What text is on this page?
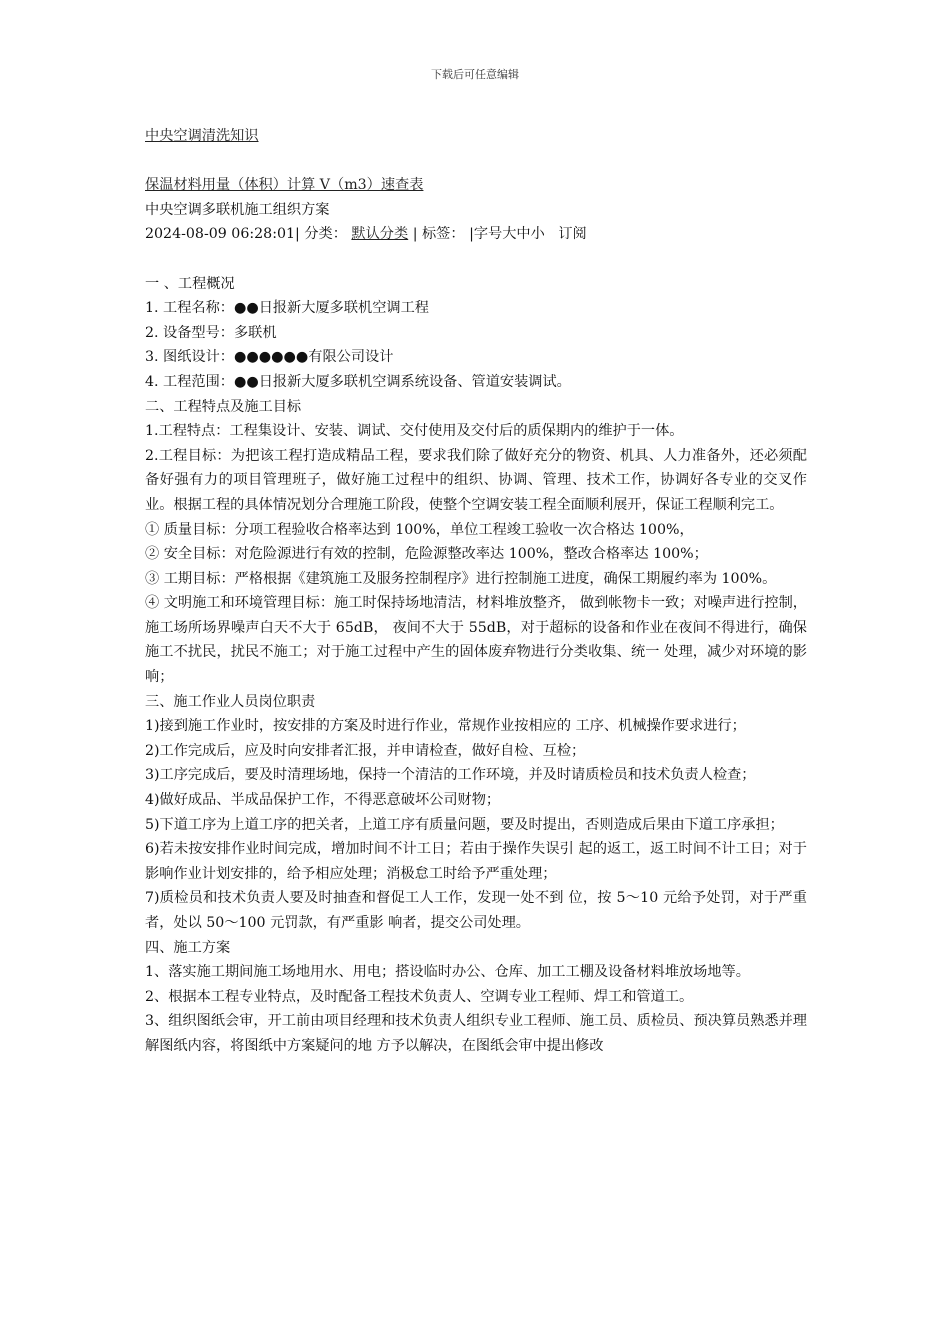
下载后可任意编辑

中央空调清洗知识

保温材料用量（体积）计算 V（m3）速查表

中央空调多联机施工组织方案

2024-08-09 06:28:01| 分类： 默认分类 | 标签： |字号大中小 订阅

一 、工程概况

1. 工程名称：●●日报新大厦多联机空调工程

2. 设备型号：多联机

3. 图纸设计：●●●●●●有限公司设计

4. 工程范围：●●日报新大厦多联机空调系统设备、管道安装调试。

二、工程特点及施工目标

1.工程特点：工程集设计、安装、调试、交付使用及交付后的质保期内的维护于一体。

2.工程目标：为把该工程打造成精品工程，要求我们除了做好充分的物资、机具、人力准备外，还必须配备好强有力的项目管理班子，做好施工过程中的组织、协调、管理、技术工作，协调好各专业的交叉作业。根据工程的具体情况划分合理施工阶段，使整个空调安装工程全面顺利展开，保证工程顺利完工。

① 质量目标：分项工程验收合格率达到 100%，单位工程竣工验收一次合格达 100%，

② 安全目标：对危险源进行有效的控制，危险源整改率达 100%，整改合格率达 100%；

③ 工期目标：严格根据《建筑施工及服务控制程序》进行控制施工进度，确保工期履约率为 100%。

④ 文明施工和环境管理目标：施工时保持场地清洁，材料堆放整齐， 做到帐物卡一致；对噪声进行控制，施工场所场界噪声白天不大于 65dB， 夜间不大于 55dB，对于超标的设备和作业在夜间不得进行，确保施工不扰民，扰民不施工；对于施工过程中产生的固体废弃物进行分类收集、统一 处理，减少对环境的影响；

三、施工作业人员岗位职责

1)接到施工作业时，按安排的方案及时进行作业，常规作业按相应的 工序、机械操作要求进行；

2)工作完成后，应及时向安排者汇报，并申请检查，做好自检、互检；

3)工序完成后，要及时清理场地，保持一个清洁的工作环境，并及时请质检员和技术负责人检查；

4)做好成品、半成品保护工作，不得恶意破坏公司财物；

5)下道工序为上道工序的把关者，上道工序有质量问题，要及时提出，否则造成后果由下道工序承担；

6)若未按安排作业时间完成，增加时间不计工日；若由于操作失误引 起的返工，返工时间不计工日；对于影响作业计划安排的，给予相应处理；消极怠工时给予严重处理；

7)质检员和技术负责人要及时抽查和督促工人工作，发现一处不到 位，按 5～10 元给予处罚，对于严重者，处以 50～100 元罚款，有严重影 响者，提交公司处理。

四、施工方案

1、落实施工期间施工场地用水、用电；搭设临时办公、仓库、加工工棚及设备材料堆放场地等。

2、根据本工程专业特点，及时配备工程技术负责人、空调专业工程师、焊工和管道工。

3、组织图纸会审，开工前由项目经理和技术负责人组织专业工程师、施工员、质检员、预决算员熟悉并理解图纸内容，将图纸中方案疑问的地 方予以解决，在图纸会审中提出修改
